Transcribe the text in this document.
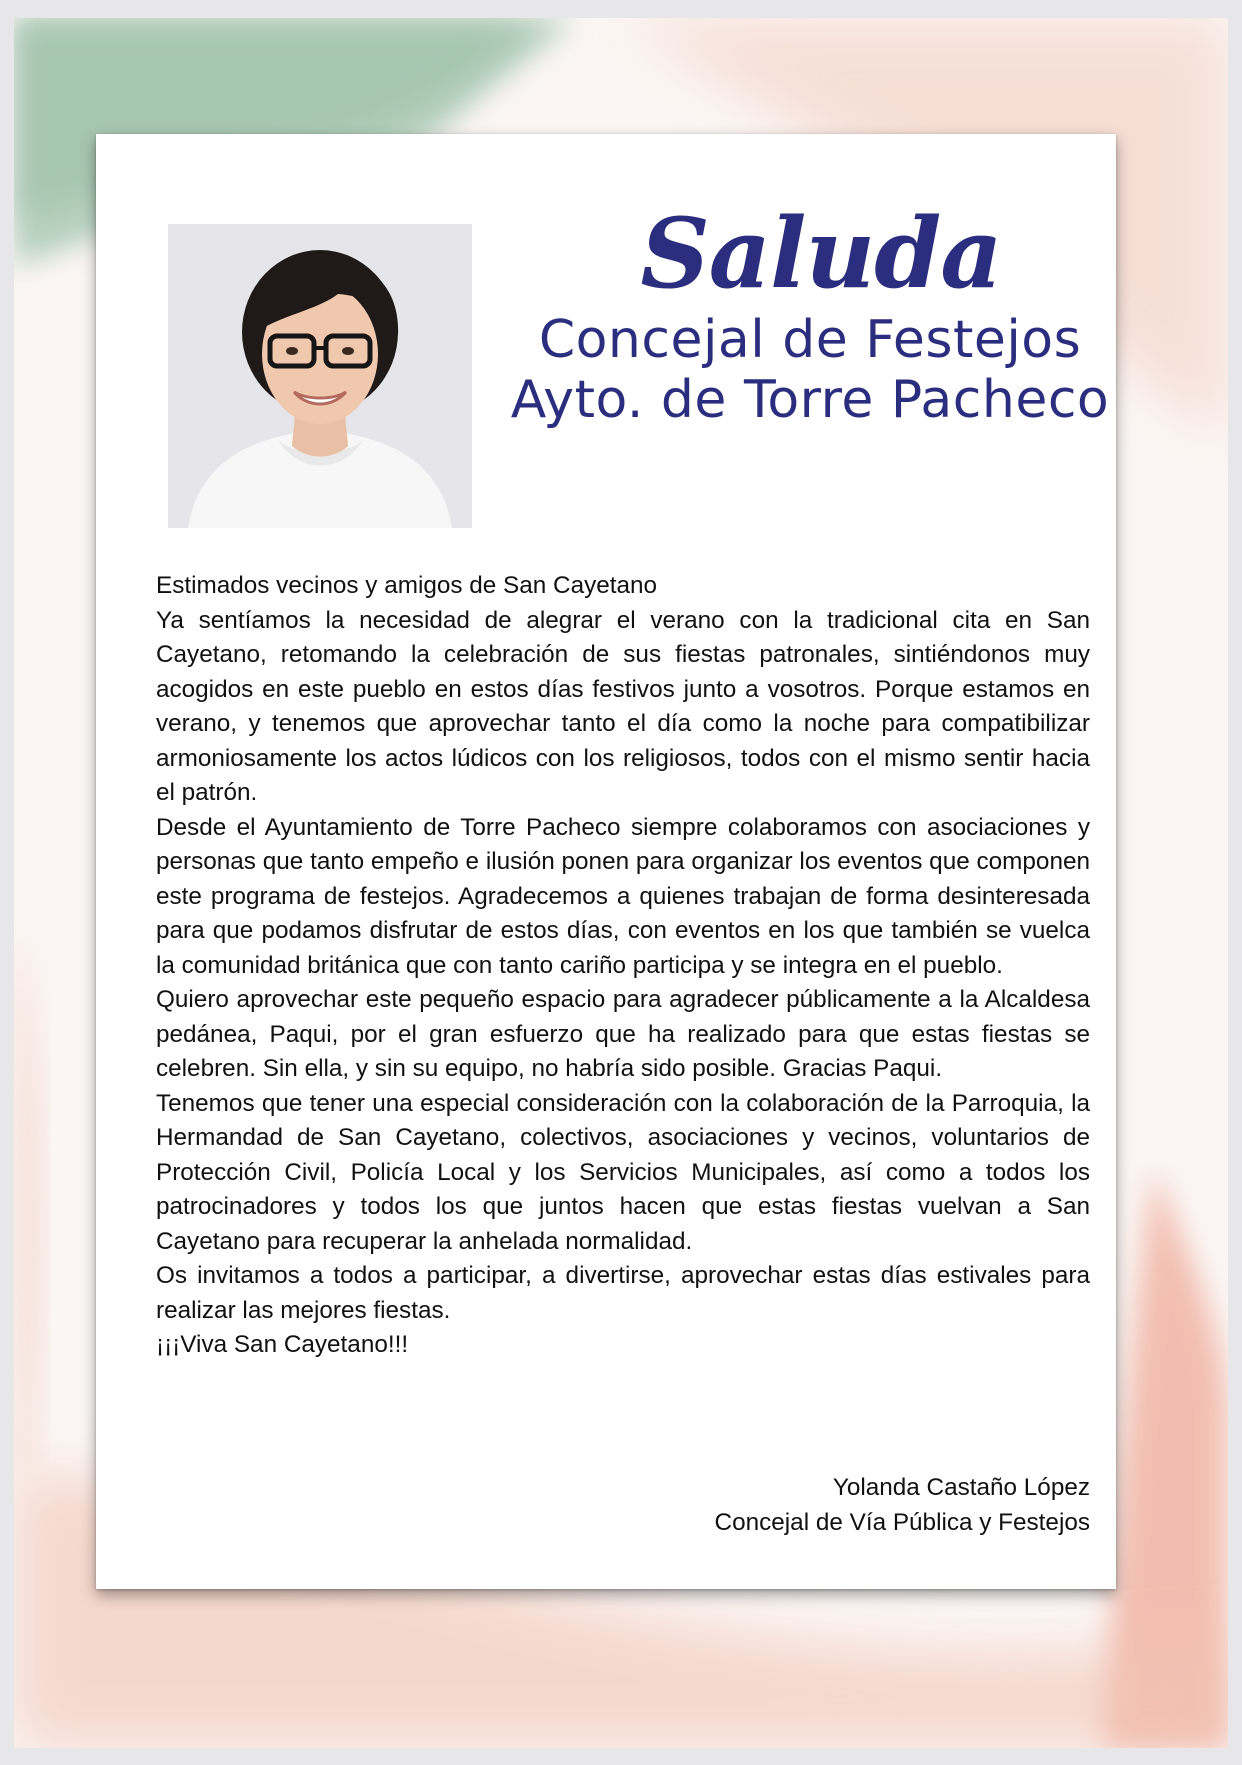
Saluda
Concejal de Festejos
Ayto. de Torre Pacheco

Estimados vecinos y amigos de San Cayetano

Ya sentíamos la necesidad de alegrar el verano con la tradicional cita en San Cayetano, retomando la celebración de sus fiestas patronales, sintiéndonos muy acogidos en este pueblo en estos días festivos junto a vosotros. Porque estamos en verano, y tenemos que aprovechar tanto el día como la noche para compatibilizar armoniosamente los actos lúdicos con los religiosos, todos con el mismo sentir hacia el patrón.

Desde el Ayuntamiento de Torre Pacheco siempre colaboramos con asociaciones y personas que tanto empeño e ilusión ponen para organizar los eventos que componen este programa de festejos. Agradecemos a quienes trabajan de forma desinteresada para que podamos disfrutar de estos días, con eventos en los que también se vuelca la comunidad británica que con tanto cariño participa y se integra en el pueblo.

Quiero aprovechar este pequeño espacio para agradecer públicamente a la Alcaldesa pedánea, Paqui, por el gran esfuerzo que ha realizado para que estas fiestas se celebren. Sin ella, y sin su equipo, no habría sido posible. Gracias Paqui.

Tenemos que tener una especial consideración con la colaboración de la Parroquia, la Hermandad de San Cayetano, colectivos, asociaciones y vecinos, voluntarios de Protección Civil, Policía Local y los Servicios Municipales, así como a todos los patrocinadores y todos los que juntos hacen que estas fiestas vuelvan a San Cayetano para recuperar la anhelada normalidad.

Os invitamos a todos a participar, a divertirse, aprovechar estas días estivales para realizar las mejores fiestas.

¡¡¡Viva San Cayetano!!!

Yolanda Castaño López
Concejal de Vía Pública y Festejos
